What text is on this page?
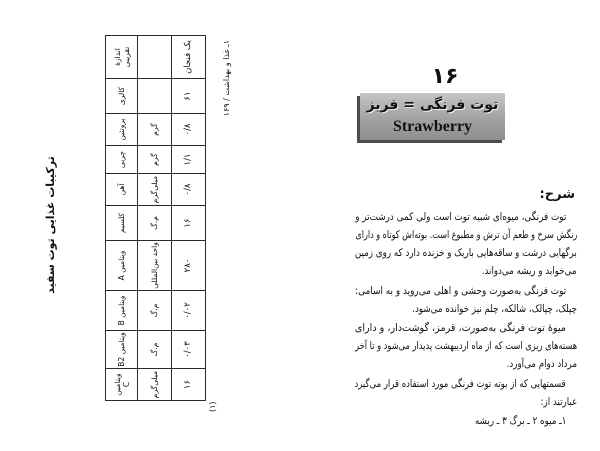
ترکیبات غذایی توت سفید
اندازهٔ تقریبی	کالری	پروتئین	چربی	آهن	کلسیم	ویتامین A	ویتامین B	ویتامین B2	ویتامین C
		گرم	گرم	میلی‌گرم	م.گ	واحد بین‌المللی	م.گ	م.گ	میلی‌گرم
یک فنجان	۶۱	۰/۸	۱/۱	۰/۸	۱۶	۲۸۰	۰/۰۲	۰/۰۳	۱۶
(۱)
۱ـ غذا و بهداشت / ۱۶۹
۱۶
توت فرنگی = فریز
Strawberry
شرح:
توت فرنگی، میوه‌ای شبیه توت است ولی کمی درشت‌تر و
رنگش سرخ و طعم آن ترش و مطبوع است. بوته‌اش کوتاه و دارای
برگهایی درشت و ساقه‌هایی باریک و خزنده دارد که روی زمین
می‌خوابد و ریشه می‌دواند.
توت فرنگی به‌صورت وحشی و اهلی می‌روید و به اسامی:
چپلک، چپالک، شالکه، چلم نیز خوانده می‌شود.
میوهٔ توت فرنگی به‌صورت، قرمز، گوشت‌دار، و دارای
هسته‌های ریزی است که از ماه اردیبهشت پدیدار می‌شود و تا آخر
مرداد دوام می‌آورد.
قسمتهایی که از بوته توت فرنگی مورد استفاده قرار می‌گیرد
عبارتند از:
۱ـ میوه ۲ ـ برگ ۳ ـ ریشه
